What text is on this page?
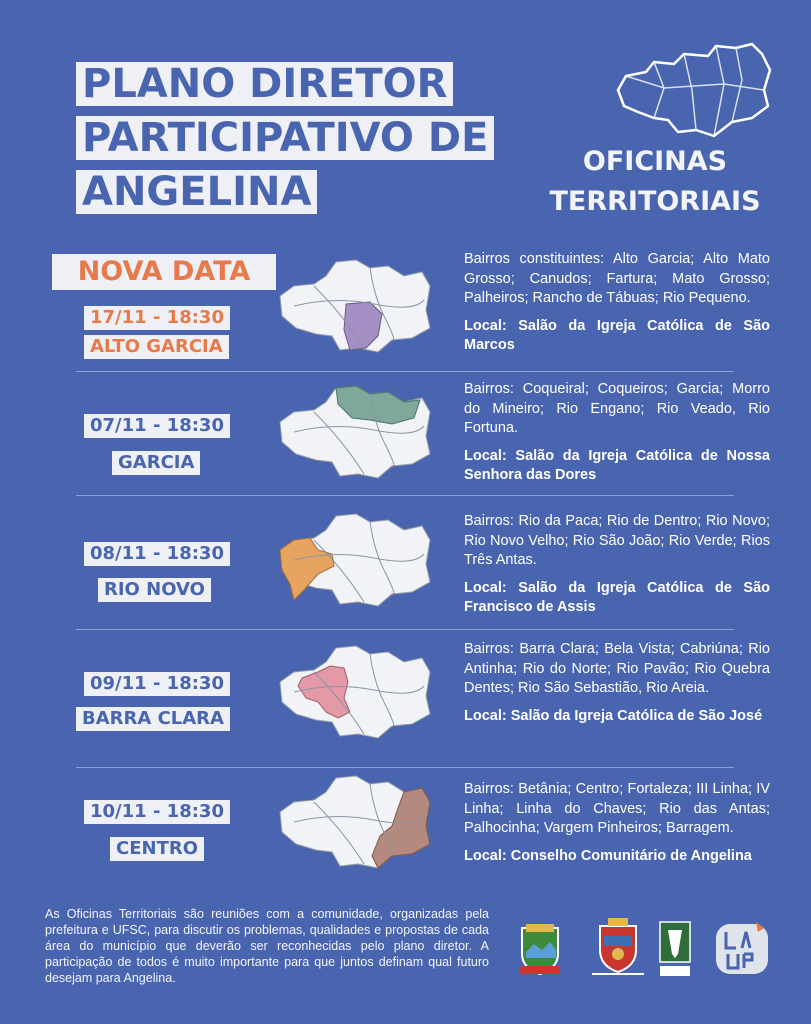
PLANO DIRETOR
PARTICIPATIVO DE
ANGELINA
OFICINAS
TERRITORIAIS
NOVA DATA
17/11 - 18:30
ALTO GARCIA
Bairros constituintes: Alto Garcia; Alto Mato Grosso; Canudos; Fartura; Mato Grosso; Palheiros; Rancho de Tábuas; Rio Pequeno.
Local: Salão da Igreja Católica de São Marcos
07/11 - 18:30
GARCIA
Bairros: Coqueiral; Coqueiros; Garcia; Morro do Mineiro; Rio Engano; Rio Veado, Rio Fortuna.
Local: Salão da Igreja Católica de Nossa Senhora das Dores
08/11 - 18:30
RIO NOVO
Bairros: Rio da Paca; Rio de Dentro; Rio Novo; Rio Novo Velho; Rio São João; Rio Verde; Rios Três Antas.
Local: Salão da Igreja Católica de São Francisco de Assis
09/11 - 18:30
BARRA CLARA
Bairros: Barra Clara; Bela Vista; Cabriúna; Rio Antinha; Rio do Norte; Rio Pavão; Rio Quebra Dentes; Rio São Sebastião, Rio Areia.
Local: Salão da Igreja Católica de São José
10/11 - 18:30
CENTRO
Bairros: Betânia; Centro; Fortaleza; III Linha; IV Linha; Linha do Chaves; Rio das Antas; Palhocinha; Vargem Pinheiros; Barragem.
Local: Conselho Comunitário de Angelina
As Oficinas Territoriais são reuniões com a comunidade, organizadas pela prefeitura e UFSC, para discutir os problemas, qualidades e propostas de cada área do município que deverão ser reconhecidas pelo plano diretor. A participação de todos é muito importante para que juntos definam qual futuro desejam para Angelina.
